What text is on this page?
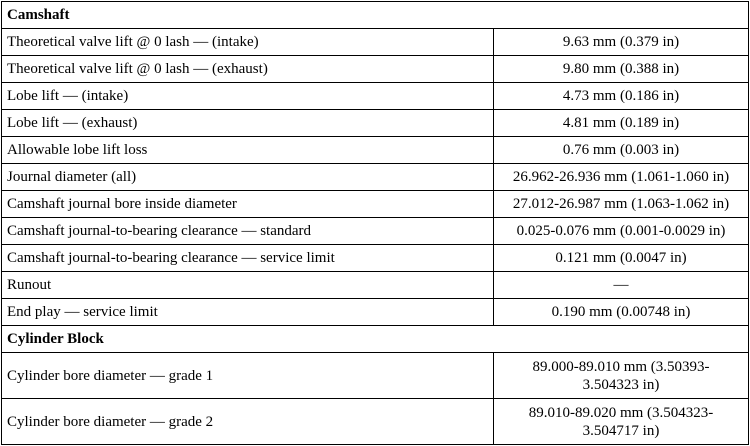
Camshaft	
Theoretical valve lift @ 0 lash — (intake)	9.63 mm (0.379 in)
Theoretical valve lift @ 0 lash — (exhaust)	9.80 mm (0.388 in)
Lobe lift — (intake)	4.73 mm (0.186 in)
Lobe lift — (exhaust)	4.81 mm (0.189 in)
Allowable lobe lift loss	0.76 mm (0.003 in)
Journal diameter (all)	26.962-26.936 mm (1.061-1.060 in)
Camshaft journal bore inside diameter	27.012-26.987 mm (1.063-1.062 in)
Camshaft journal-to-bearing clearance — standard	0.025-0.076 mm (0.001-0.0029 in)
Camshaft journal-to-bearing clearance — service limit	0.121 mm (0.0047 in)
Runout	—
End play — service limit	0.190 mm (0.00748 in)
Cylinder Block	
Cylinder bore diameter — grade 1	89.000-89.010 mm (3.50393-
3.504323 in)
Cylinder bore diameter — grade 2	89.010-89.020 mm (3.504323-
3.504717 in)
